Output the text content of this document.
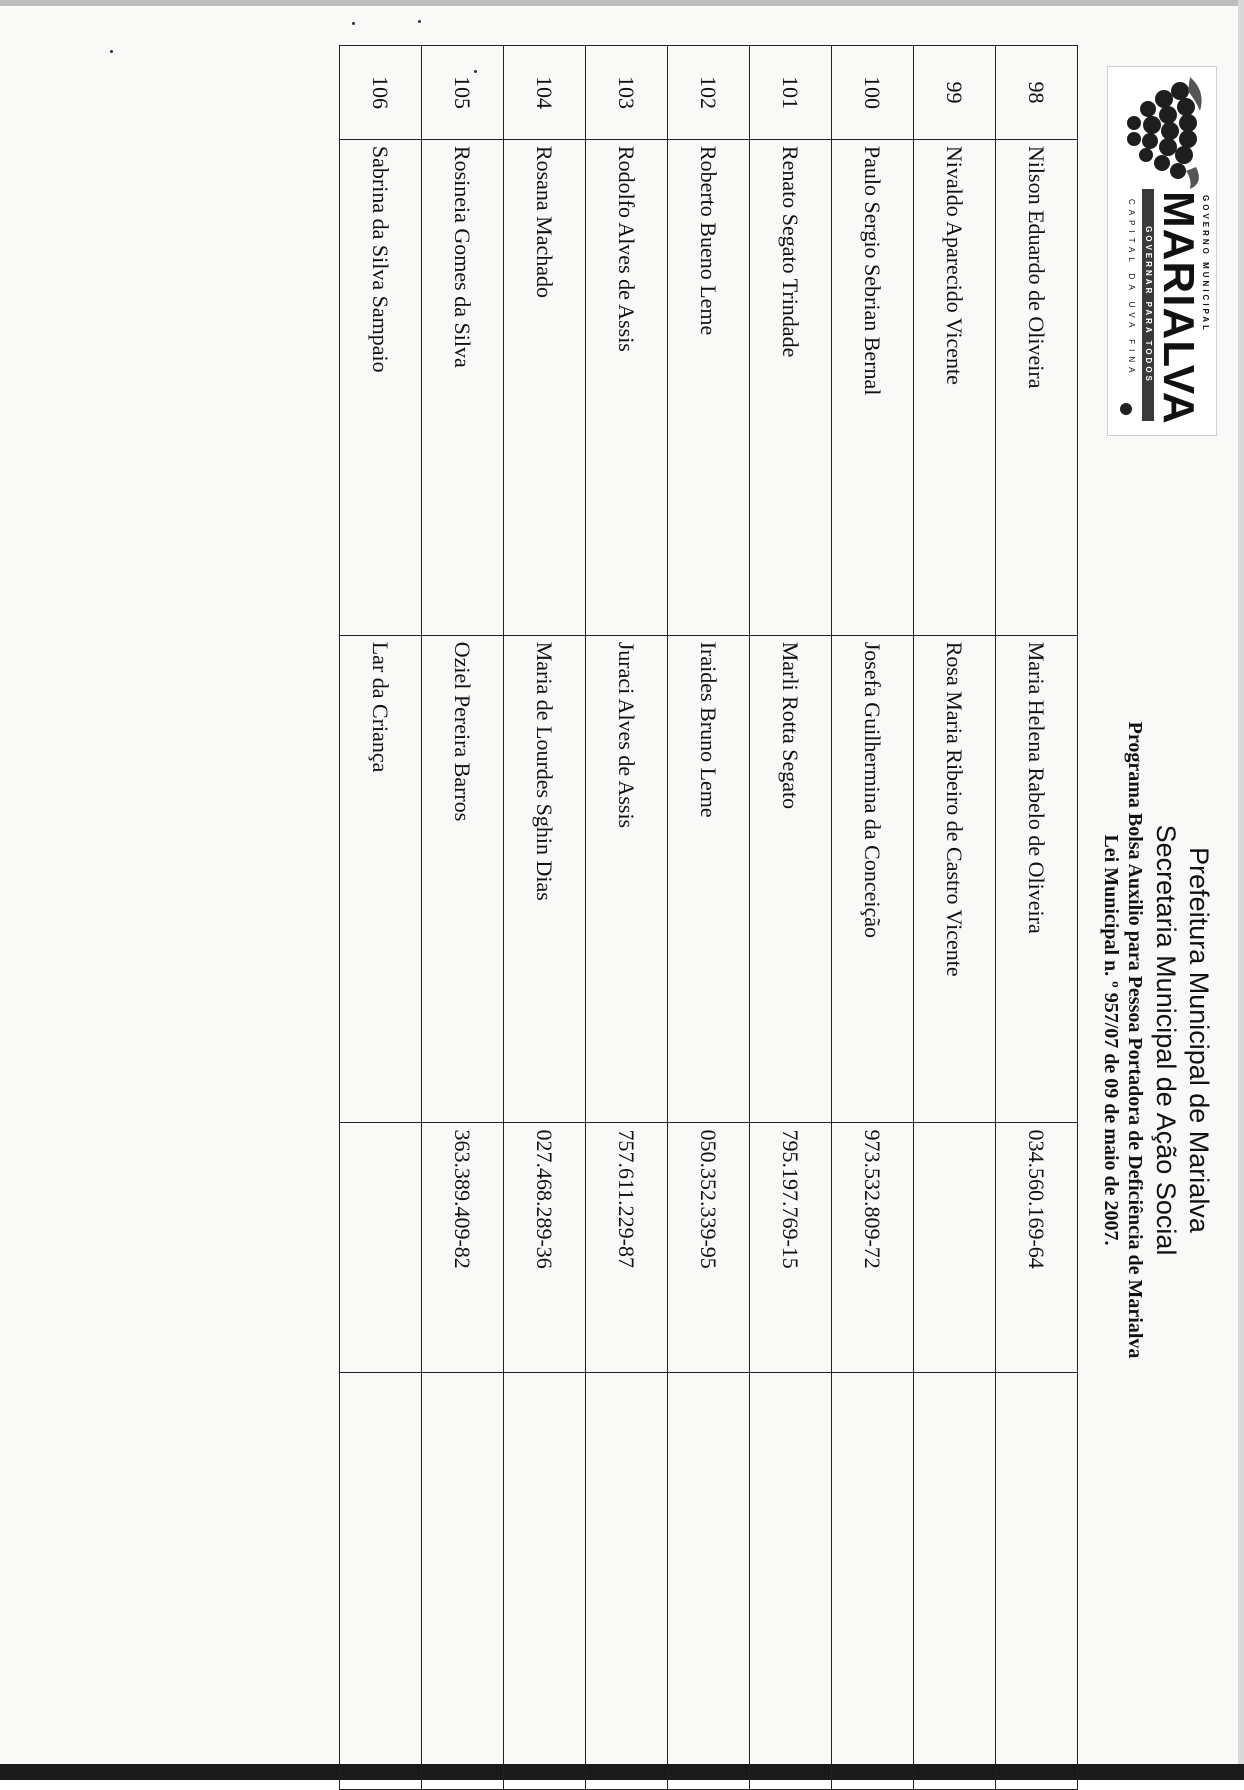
GOVERNO MUNICIPAL
MARIALVA
GOVERNAR PARA TODOS
CAPITAL DA UVA FINA
Prefeitura Municipal de Marialva
Secretaria Municipal de Ação Social
Programa Bolsa Auxilio para Pessoa Portadora de Deficiência de Marialva
Lei Municipal n. º 957/07 de 09 de maio de 2007.
98	Nilson Eduardo de Oliveira	Maria Helena Rabelo de Oliveira	034.560.169-64	
99	Nivaldo Aparecido Vicente	Rosa Maria Ribeiro de Castro Vicente		
100	Paulo Sergio Sebrian Bernal	Josefa Guilhermina da Conceição	973.532.809-72	
101	Renato Segato Trindade	Marli Rotta Segato	795.197.769-15	
102	Roberto Bueno Leme	Iraides Bruno Leme	050.352.339-95	
103	Rodolfo Alves de Assis	Juraci Alves de Assis	757.611.229-87	
104	Rosana Machado	Maria de Lourdes Sghin Dias	027.468.289-36	
105	Rosineia Gomes da Silva	Oziel Pereira Barros	363.389.409-82	
106	Sabrina da Silva Sampaio	Lar da Criança		
